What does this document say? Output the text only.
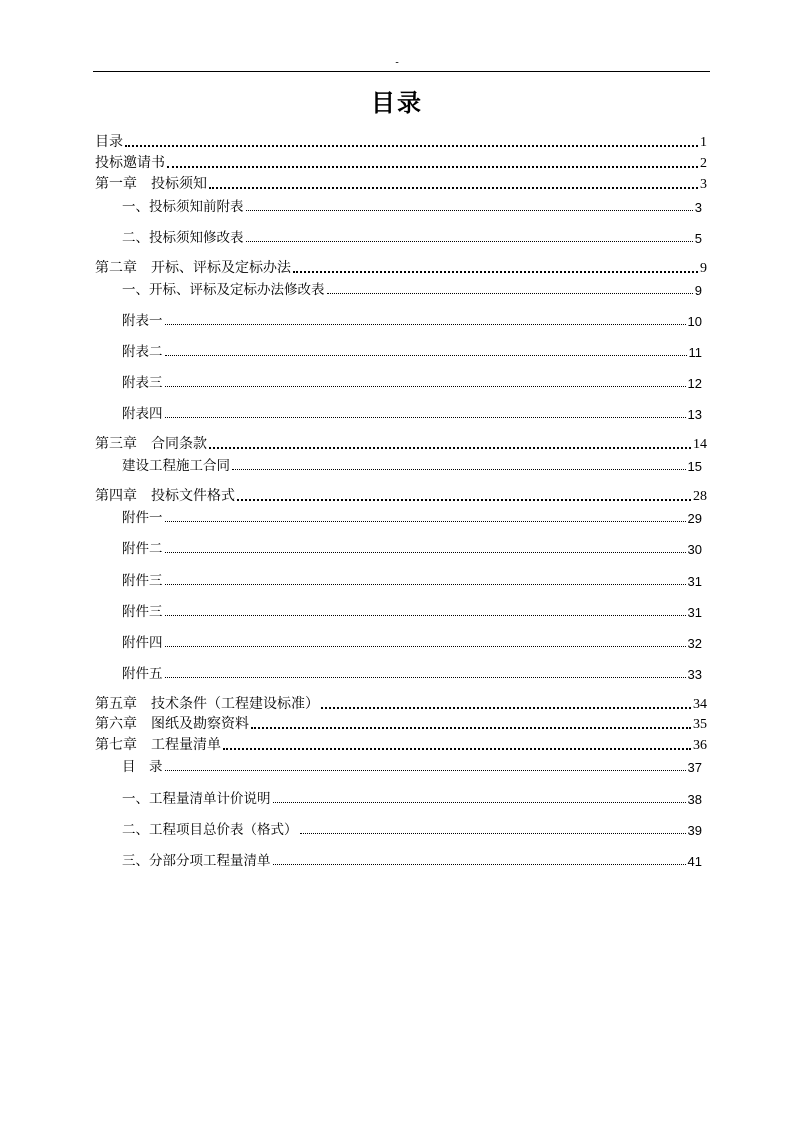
-
目录
目录	1
投标邀请书	2
第一章　投标须知	3
一、投标须知前附表	3
二、投标须知修改表	5
第二章　开标、评标及定标办法	9
一、开标、评标及定标办法修改表	9
附表一	10
附表二	11
附表三	12
附表四	13
第三章　合同条款	14
建设工程施工合同	15
第四章　投标文件格式	28
附件一	29
附件二	30
附件三	31
附件三	31
附件四	32
附件五	33
第五章　技术条件（工程建设标准）	34
第六章　图纸及勘察资料	35
第七章　工程量清单	36
目　录	37
一、工程量清单计价说明	38
二、工程项目总价表（格式）	39
三、分部分项工程量清单	41
